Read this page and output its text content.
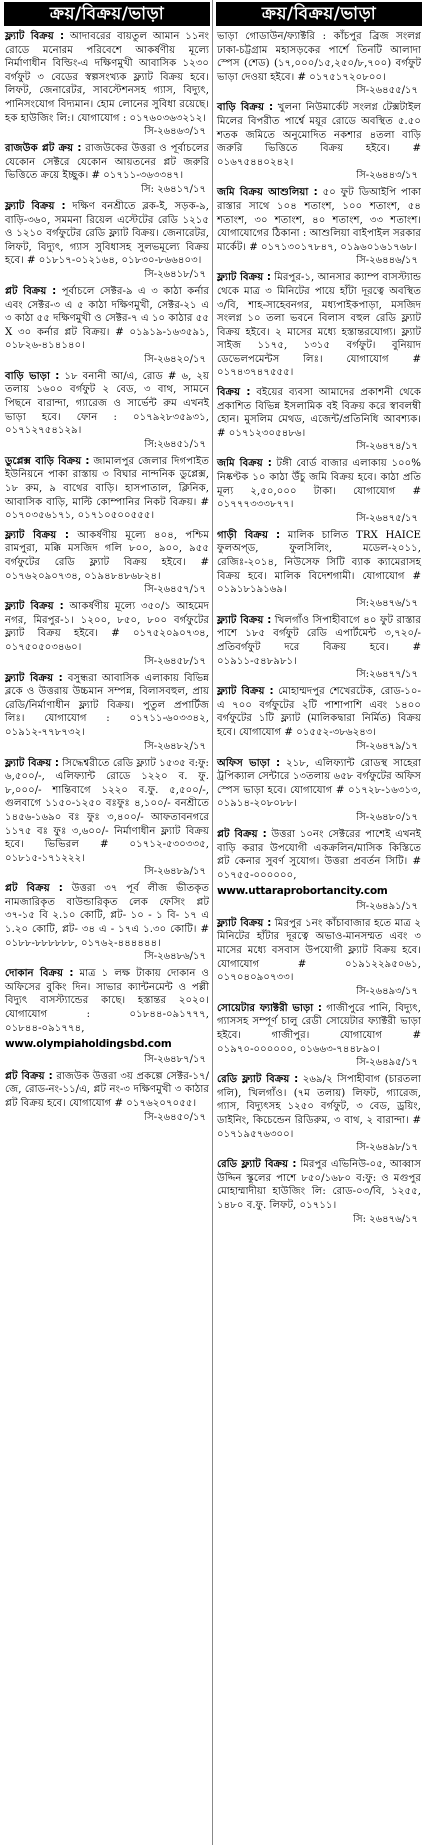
ক্রয়/বিক্রয়/ভাড়া
ফ্ল্যাট বিক্রয় : আদাবরের বায়তুল আমান ১১নং রোডে মনোরম পরিবেশে আকর্ষণীয় মূল্যে নির্মাণাধীন বিল্ডিং-এ দক্ষিণমুখী আবাসিক ১২৩০ বর্গফুট ৩ বেডের স্বল্পসংখ্যক ফ্ল্যাট বিক্রয় হবে। লিফট, জেনারেটর, সাবস্টেশনসহ গ্যাস, বিদ্যুৎ, পানিসংযোগ বিদ্যমান। হোম লোনের সুবিধা রয়েছে। হক হাউজিং লি:। যোগাযোগ : ০১৭৬০৩৬৩২১২।
সি-২৬৪৬৩/১৭
রাজউক প্লট ক্রয় : রাজউকের উত্তরা ও পূর্বাচলের যেকোন সেক্টরে যেকোন আয়তনের প্লট জরুরি ভিত্তিতে ক্রয়ে ইচ্ছুক। # ০১৭১১-৩৬৩৩৪৭।
সি: ২৬৪১৭/১৭
ফ্ল্যাট বিক্রয় : দক্ষিণ বনশ্রীতে ব্লক-ই, সড়ক-৯, বাড়ি-৩৬০, সমমনা রিয়েল এস্টেটের রেডি ১২১৫ ও ১২১০ বর্গফুটের রেডি ফ্ল্যাট বিক্রয়। জেনারেটর, লিফট, বিদ্যুৎ, গ্যাস সুবিধাসহ সুলভমূল্যে বিক্রয় হবে। # ০১৮১৭-০১২১৬৪, ০১৮৩০-৮৬৬৪০৩।
সি-২৬৪১৮/১৭
প্লট বিক্রয় : পূর্বাচলে সেক্টর-৯ এ ৩ কাঠা কর্নার এবং সেক্টর-৩ এ ৫ কাঠা দক্ষিণমুখী, সেক্টর-২১ এ ৩ কাঠা ৫৫ দক্ষিণমুখী ও সেক্টর-৭ এ ১০ কাঠার ৫৫ X ৩০ কর্নার প্লট বিক্রয়। # ০১৯১৯-১৬৩৫৯১, ০১৮২৬-৪১৪১৪০।
সি-২৬৪২০/১৭
বাড়ি ভাড়া : ১৮ বনানী আ/এ, রোড # ৬, ২য় তলায় ১৬০০ বর্গফুট ২ বেড, ৩ বাথ, সামনে পিছনে বারান্দা, গ্যারেজ ও সার্ভেন্ট রুম এখনই ভাড়া হবে। ফোন : ০১৭৯২৮৩৫৯৩১, ০১৭১২৭৫৪১২৯।
সি:২৬৪৫১/১৭
ডুপ্লেক্স বাড়ি বিক্রয় : জামালপুর জেলার দিগপাইত ইউনিয়নে পাকা রাস্তায় ৩ বিঘার নান্দনিক ডুপ্লেক্স, ১৮ রুম, ৯ বাথের বাড়ি। হাসপাতাল, ক্লিনিক, আবাসিক বাড়ি, মাল্টি কোম্পানির নিকট বিক্রয়। # ০১৭০৩৫৬১৭১, ০১৭১০৫০০৫৫৫।
ফ্ল্যাট বিক্রয় : আকর্ষণীয় মূল্যে ৪০৪, পশ্চিম রামপুরা, মক্কি মসজিদ গলি ৮০০, ৯০০, ৯৫৫ বর্গফুটের রেডি ফ্ল্যাট বিক্রয় হইবে। # ০১৭৬২০৯০৭৩৪, ০১৯৪৮৪৮৬৮২৪।
সি-২৬৪৫৭/১৭
ফ্ল্যাট বিক্রয় : আকর্ষণীয় মূল্যে ৩৫০/১ আহমেদ নগর, মিরপুর-১। ১২০০, ৮৫০, ৮০০ বর্গফুটের ফ্ল্যাট বিক্রয় হইবে। # ০১৭৫২০৯০৭৩৪, ০১৭৫০৫০৩৪৬০।
সি-২৬৪৫৮/১৭
ফ্ল্যাট বিক্রয় : বসুন্ধরা আবাসিক এলাকায় বিভিন্ন ব্লকে ও উত্তরায় উচ্চমান সম্পন্ন, বিলাসবহুল, প্রায় রেডি/নির্মাণাধীন ফ্ল্যাট বিক্রয়। পুতুল প্রপার্টিজ লিঃ। যোগাযোগ : ০১৭১১-৬০৩৩৪২, ০১৯১২-৭৭৮৭৩২।
সি-২৬৪৮২/১৭
ফ্ল্যাট বিক্রয় : সিদ্ধেশ্বরীতে রেডি ফ্ল্যাট ১৫৩৫ ব:ফু: ৬,৫০০/-, এলিফ্যান্ট রোডে ১২২০ ব. ফু. ৮,০০০/- শান্তিবাগে ১২২০ ব.ফু. ৫,৫০০/-, গুলবাগে ১১৫০-১২৫০ বঃফুঃ ৪,১০০/- বনশ্রীতে ১৪৫৬-১৬৯০ বঃ ফুঃ ৩,৪০০/- আফতাবনগরে ১১৭৫ বঃ ফুঃ ৩,৬০০/- নির্মাণাধীন ফ্ল্যাট বিক্রয় হবে। ভিভিরল # ০১৭১২-৫৩০৩৩৫, ০১৮১৫-১৭১২২২।
সি-২৬৪৮৯/১৭
প্লট বিক্রয় : উত্তরা ৩৭ পূর্ব লীজ ভীতকৃত নামজারিকৃত বাউন্ডারিকৃত লেক ফেসিং প্লট ৩৭-১৫ বি ২.১০ কোটি, প্লট- ১০ - ১ বি- ১৭ এ ১.২০ কোটি, প্লট- ৩৪ এ - ১৭এ ১.৩০ কোটি। # ০১৮৮-৮৮৮৮৮৮, ০১৭৬২-৪৪৪৪৪৪।
সি-২৬৪৮৬/১৭
দোকান বিক্রয় : মাত্র ১ লক্ষ টাকায় দোকান ও অফিসের বুকিং দিন। সাভার ক্যান্টনমেন্ট ও পল্লী বিদ্যুৎ বাসস্ট্যান্ডের কাছে। হস্তান্তর ২০২০। যোগাযোগ : ০১৮৪৪-০৯১৭৭৭, ০১৮৪৪-০৯১৭৭৪,
www.olympiaholdingsbd.com
সি-২৬৪৮৭/১৭
প্লট বিক্রয় : রাজউক উত্তরা ৩য় প্রকল্পে সেক্টর-১৭/জে, রোড-নং-১১/এ, প্লট নং-৩ দক্ষিণমুখী ৩ কাঠার প্লট বিক্রয় হবে। যোগাযোগ # ০১৭৬২০৭০৫৫।
সি-২৬৪৫০/১৭
ক্রয়/বিক্রয়/ভাড়া
ভাড়া গোডাউন/ফ্যাক্টরি : কাঁচপুর ব্রিজ সংলগ্ন ঢাকা-চট্টগ্রাম মহাসড়কের পার্শে তিনটি আলাদা স্পেস (শেড) (১৭,০০০/১৫,২৫০/৮,৭০০) বর্গফুট ভাড়া দেওয়া হইবে। # ০১৭৫১৭২০৮০০।
সি-২৬৪৫৫/১৭
বাড়ি বিক্রয় : খুলনা নিউমার্কেট সংলগ্ন টেক্সটাইল মিলের বিপরীত পার্শ্বে ময়ূর রোডে অবস্থিত ৫.৫০ শতক জমিতে অনুমোদিত নকশার ৪তলা বাড়ি জরুরি ভিত্তিতে বিক্রয় হইবে। # ০১৬৭৫৪৪০২৪২।
সি-২৬৪৪৩/১৭
জমি বিক্রয় আশুলিয়া : ৫০ ফুট ডিআইপি পাকা রাস্তার সাথে ১০৪ শতাংশ, ১০০ শতাংশ, ৫৪ শতাংশ, ৩০ শতাংশ, ৪০ শতাংশ, ৩৩ শতাংশ। যোগাযোগের ঠিকানা : আশুলিয়া বাইপাইল সরকার মার্কেট। # ০১৭১৩০১৭৮৪৭, ০১৯৬০১৬১৭৬৮।
সি-২৬৪৪৬/১৭
ফ্ল্যাট বিক্রয় : মিরপুর-১, আনসার ক্যাম্প বাসস্ট্যান্ড থেকে মাত্র ৩ মিনিটের পায়ে হাঁটা দূরত্বে অবস্থিত ৩/বি, শাহ-সাহেবনগর, মধ্যপাইকপাড়া, মসজিদ সংলগ্ন ১০ তলা ভবনে বিলাস বহুল রেডি ফ্ল্যাট বিক্রয় হইবে। ২ মাসের মধ্যে হস্তান্তরযোগ্য। ফ্ল্যাট সাইজ ১১৭৫, ১৩১৫ বর্গফুট। বুনিয়াদ ডেভেলপমেন্টস লিঃ। যোগাযোগ # ০১৭৪৩৭৪৭৫৫৫।
বিক্রয় : বইয়ের ব্যবসা আমাদের প্রকাশনী থেকে প্রকাশিত বিভিন্ন ইসলামিক বই বিক্রয় করে স্বাবলম্বী হোন। মুসলিম মেথড, এজেন্ট/প্রতিনিধি আবশ্যক। # ০১৭১২৩০৫৪৮৬।
সি-২৬৪৭৪/১৭
জমি বিক্রয় : টঙ্গী বোর্ড বাজার এলাকায় ১০০% নিষ্কণ্টক ১০ কাঠা উঁচু জমি বিক্রয় হবে। কাঠা প্রতি মূল্য ২,৫০,০০০ টাকা। যোগাযোগ # ০১৭৭৭৩৩৩৮৭৭।
সি-২৬৪৭৫/১৭
গাড়ী বিক্রয় : মালিক চালিত TRX HAICE ফুলঅপ্‌ড, ফুলসিলিং, মডেল-২০১১, রেজিঃ-২০১৪, নিউসেফ সিটি ব্যাক ক্যামেরাসহ বিক্রয় হবে। মালিক বিদেশগামী। যোগাযোগ # ০১৯১৮১৯১৬৯।
সি:২৬৪৭৬/১৭
ফ্ল্যাট বিক্রয় : খিলগাঁও সিপাহীবাগে ৪০ ফুট রাস্তার পাশে ১৮৫ বর্গফুট রেডি এপার্টমেন্ট ৩,৭২০/- প্রতিবর্গফুট দরে বিক্রয় হবে। # ০১৯১১-৫৪৮৯৮১।
সি:২৬৪৭৭/১৭
ফ্ল্যাট বিক্রয় : মোহাম্মদপুর শেখেরটেক, রোড-১০-এ ৭০০ বর্গফুটের ২টি পাশাপাশি এবং ১৪০০ বর্গফুটের ১টি ফ্ল্যাট (মালিকদ্বারা নির্মিত) বিক্রয় হবে। যোগাযোগ # ০১৫৫২-৩৮৬২৪৩।
সি-২৬৪৭৯/১৭
অফিস ভাড়া : ২১৮, এলিফ্যান্ট রোডস্থ সাহেরা ট্রপিক্যাল সেন্টারে ১৩তলায় ৬৫৮ বর্গফুটের অফিস স্পেস ভাড়া হবে। যোগাযোগ # ০১৭২৮-১৬৩১৩, ০১৯১৪-২০৮০৮৮।
সি-২৬৪৮০/১৭
প্লট বিক্রয় : উত্তরা ১০নং সেক্টরের পাশেই এখনই বাড়ি করার উপযোগী একক্রলিন/মাসিক কিস্তিতে প্লট কেনার সুবর্ণ সুযোগ। উত্তরা প্রবর্তন সিটি। # ০১৭৫৫-০০০০০০,
www.uttaraprobortancity.com
সি-২৬৪৯১/১৭
ফ্ল্যাট বিক্রয় : মিরপুর ১নং কাঁচাবাজার হতে মাত্র ২ মিনিটের হাঁটার দূরত্বে অভাও-মানসম্মত এবং ৩ মাসের মধ্যে বসবাস উপযোগী ফ্ল্যাট বিক্রয় হবে। যোগাযোগ # ০১৯১২২৯৫০৬১, ০১৭০৪০৯০৭৩৩।
সি-২৬৪৯৩/১৭
সোয়েটার ফ্যাক্টরী ভাড়া : গাজীপুরে পানি, বিদ্যুৎ, গ্যাসসহ সম্পূর্ণ চালু রেডী সোয়েটার ফ্যাক্টরী ভাড়া হইবে। গাজীপুর। যোগাযোগ # ০১৯৭০-০০০০০০, ০১৬৬৩-৭৪৪৮৯০।
সি-২৬৪৯৫/১৭
রেডি ফ্ল্যাট বিক্রয় : ২৬৯/২ সিপাহীবাগ (চারতলা গলি), খিলগাঁও। (৭ম তলায়) লিফট, গ্যারেজ, গ্যাস, বিদ্যুৎসহ ১২৫০ বর্গফুট, ৩ বেড, ড্রয়িং, ডাইনিং, কিচেন্ডেন রিডিরুম, ৩ বাথ, ২ বারান্দা। # ০১৭১৯৫৭৬৩০০।
সি-২৬৪৯৮/১৭
রেডি ফ্ল্যাট বিক্রয় : মিরপুর এভিনিউ-০৫, আব্বাস উদ্দিন স্কুলের পাশে ৮৫০/১৬৮০ ব:ফু: ও মগুপুর মোহাম্মাদীয়া হাউজিং লি: রোড-০৩/বি, ১২৫৫, ১৪৮০ ব.ফু. লিফট, ০১৭১১।
সি: ২৬৪৭৬/১৭
